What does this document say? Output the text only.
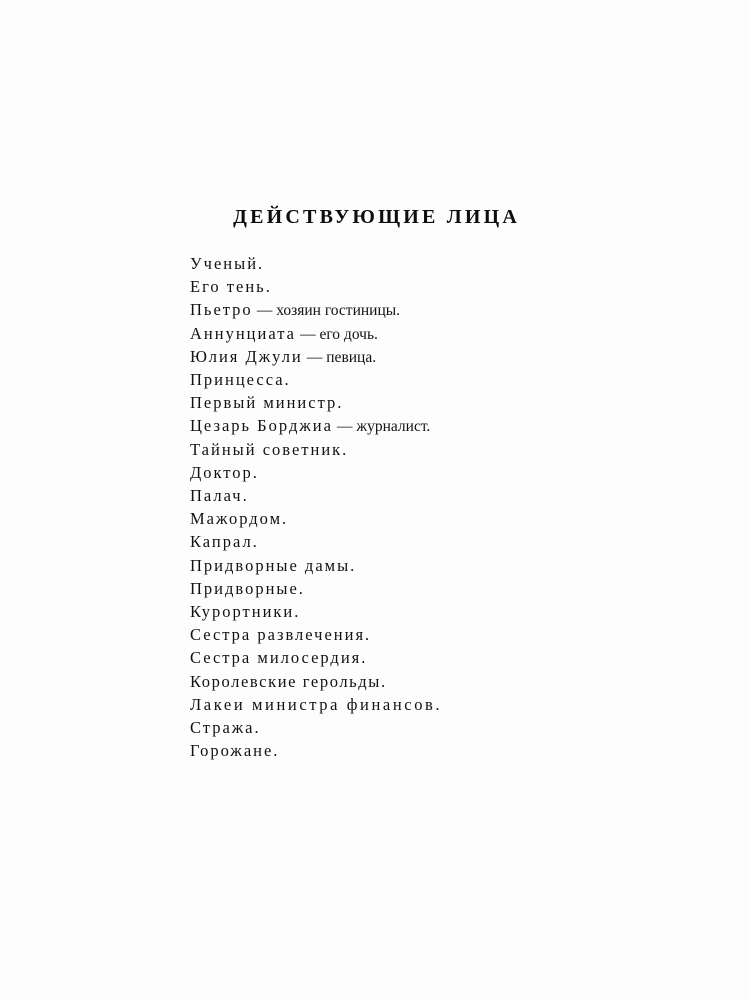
ДЕЙСТВУЮЩИЕ ЛИЦА
Ученый.
Его тень.
Пьетро — хозяин гостиницы.
Аннунциата — его дочь.
Юлия Джули — певица.
Принцесса.
Первый министр.
Цезарь Борджиа — журналист.
Тайный советник.
Доктор.
Палач.
Мажордом.
Капрал.
Придворные дамы.
Придворные.
Курортники.
Сестра развлечения.
Сестра милосердия.
Королевские герольды.
Лакеи министра финансов.
Стража.
Горожане.
